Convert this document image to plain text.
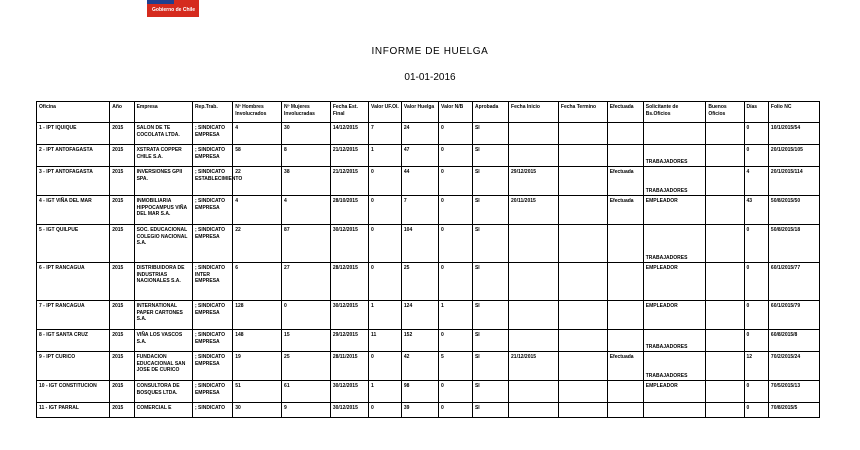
Gobierno de Chile
INFORME DE HUELGA
01-01-2016
Oficina	Año	Empresa	Rep.Trab.	Nº Hombres Involucrados	Nº Mujeres Involucradas	Fecha Est. Final	Valor UF.Ol.	Valor Huelga	Valor N/B	Aprobada	Fecha Inicio	Fecha Termino	Efectuada	Solicitante de Bs.Oficios	Buenos Oficios	Días	Folio NC
1 - IPT IQUIQUE	2015	SALON DE TE COCOLATA LTDA.	; SINDICATO EMPRESA	4	30	14/12/2015	7	24	0	SI						0	10/1/2015/54
2 - IPT ANTOFAGASTA	2015	XSTRATA COPPER CHILE S.A.	; SINDICATO EMPRESA	58	8	21/12/2015	1	47	0	SI				TRABAJADORES		0	20/1/2015/105
3 - IPT ANTOFAGASTA	2015	INVERSIONES GPII SPA.	; SINDICATO ESTABLECIMIENTO	22	38	21/12/2015	0	44	0	SI	29/12/2015		Efectuada	TRABAJADORES		4	20/1/2015/114
4 - IGT VIÑA DEL MAR	2015	INMOBILIARIA HIPPOCAMPUS VIÑA DEL MAR S.A.	; SINDICATO EMPRESA	4	4	28/10/2015	0	7	0	SI	20/11/2015		Efectuada	EMPLEADOR		43	50/8/2015/50
5 - IGT QUILPUE	2015	SOC. EDUCACIONAL COLEGIO NACIONAL S.A.	; SINDICATO EMPRESA	22	87	30/12/2015	0	104	0	SI				TRABAJADORES		0	50/8/2015/18
6 - IPT RANCAGUA	2015	DISTRIBUIDORA DE INDUSTRIAS NACIONALES S.A.	; SINDICATO INTER EMPRESA	6	27	28/12/2015	0	25	0	SI				EMPLEADOR		0	60/1/2015/77
7 - IPT RANCAGUA	2015	INTERNATIONAL PAPER CARTONES S.A.	; SINDICATO EMPRESA	128	0	30/12/2015	1	124	1	SI				EMPLEADOR		0	60/1/2015/79
8 - IGT SANTA CRUZ	2015	VIÑA LOS VASCOS S.A.	; SINDICATO EMPRESA	148	15	29/12/2015	11	152	0	SI				TRABAJADORES		0	60/8/2015/8
9 - IPT CURICO	2015	FUNDACION EDUCACIONAL SAN JOSE DE CURICO	; SINDICATO EMPRESA	19	25	28/11/2015	0	42	5	SI	21/12/2015		Efectuada	TRABAJADORES		12	70/2/2015/24
10 - IGT CONSTITUCION	2015	CONSULTORA DE BOSQUES LTDA.	; SINDICATO EMPRESA	51	61	30/12/2015	1	98	0	SI				EMPLEADOR		0	70/5/2015/13
11 - IGT PARRAL	2015	COMERCIAL E	; SINDICATO	30	9	30/12/2015	0	39	0	SI						0	70/8/2015/5
